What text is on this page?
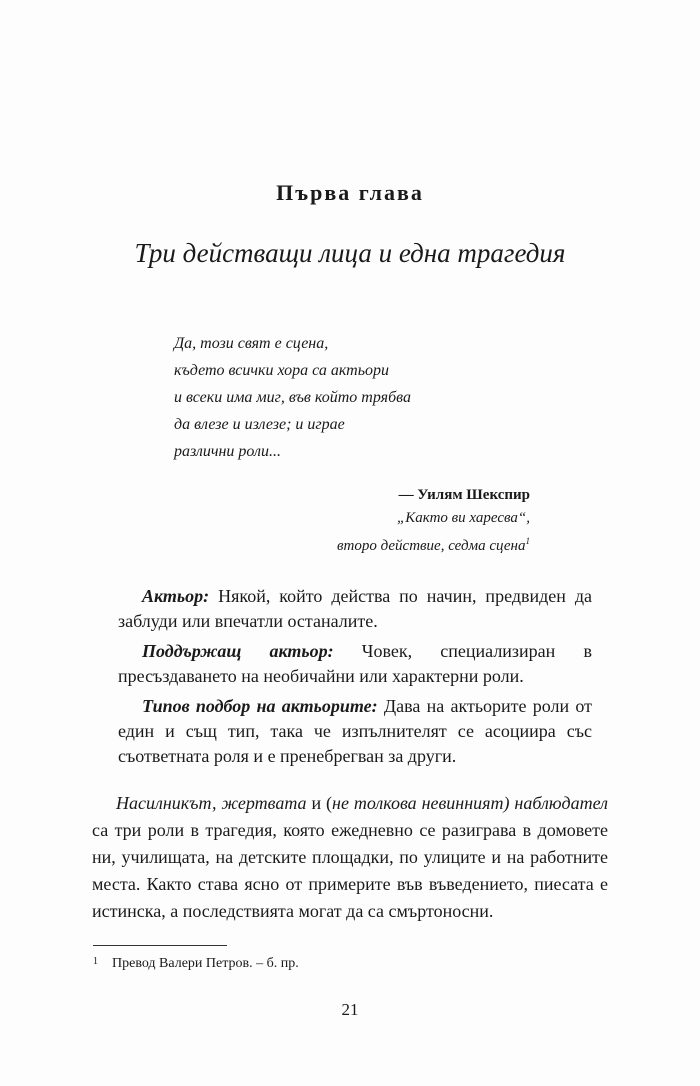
Първа глава
Три действащи лица и една трагедия

Да, този свят е сцена,

където всички хора са актьори

и всеки има миг, във който трябва

да влезе и излезе; и играе

различни роли...

— Уилям Шекспир
„Както ви харесва“,
второ действие, седма сцена$^1$

Актьор: Някой, който действа по начин, предвиден да заблуди или впечатли останалите.

Поддържащ актьор: Човек, специализиран в пресъздаването на необичайни или характерни роли.

Типов подбор на актьорите: Дава на актьорите роли от един и същ тип, така че изпълнителят се асоциира със съответната роля и е пренебрегван за други.

Насилникът, жертвата и (не толкова невинният) наблюдател са три роли в трагедия, която ежедневно се разиграва в домовете ни, училищата, на детските площадки, по улиците и на работните места. Както става ясно от примерите във въведението, пиесата е истинска, а последствията могат да са смъртоносни.

$^1$ Превод Валери Петров. – б. пр.
21
